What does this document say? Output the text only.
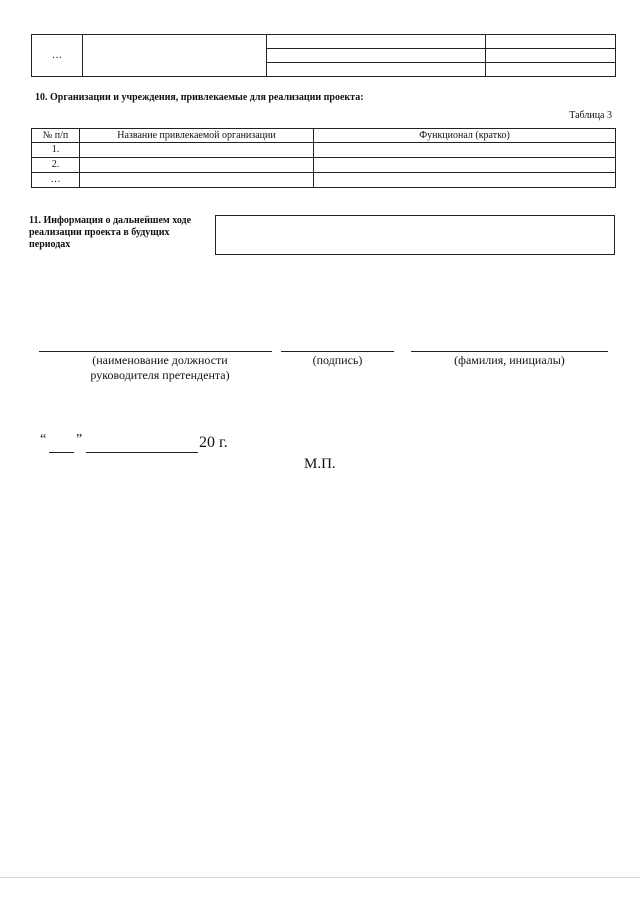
…			

10. Организации и учреждения, привлекаемые для реализации проекта:
Таблица 3
№ п/п	Название привлекаемой организации	Функционал (кратко)
1.		
2.		
…		
11. Информация о дальнейшем ходе реализации проекта в будущих периодах
(наименование должности руководителя претендента)
(подпись)	(фамилия, инициалы)
“ ”	20 г.
М.П.
